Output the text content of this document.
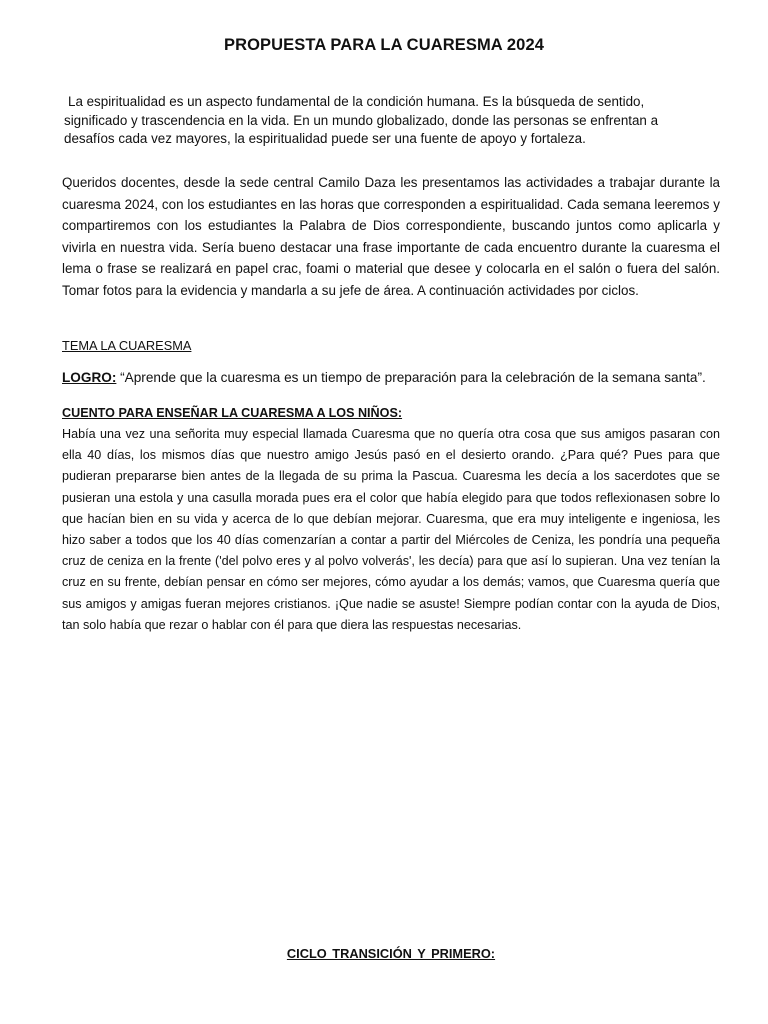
PROPUESTA PARA LA CUARESMA 2024
La espiritualidad es un aspecto fundamental de la condición humana. Es la búsqueda de sentido, significado y trascendencia en la vida. En un mundo globalizado, donde las personas se enfrentan a desafíos cada vez mayores, la espiritualidad puede ser una fuente de apoyo y fortaleza.
Queridos docentes, desde la sede central Camilo Daza les presentamos las actividades a trabajar durante la cuaresma 2024, con los estudiantes en las horas que corresponden a espiritualidad. Cada semana leeremos y compartiremos con los estudiantes la Palabra de Dios correspondiente, buscando juntos como aplicarla y vivirla en nuestra vida. Sería bueno destacar una frase importante de cada encuentro durante la cuaresma el lema o frase se realizará en papel crac, foami o material que desee y colocarla en el salón o fuera del salón. Tomar fotos para la evidencia y mandarla a su jefe de área. A continuación actividades por ciclos.
TEMA LA CUARESMA
LOGRO: “Aprende que la cuaresma es un tiempo de preparación para la celebración de la semana santa”.
CUENTO PARA ENSEÑAR LA CUARESMA A LOS NIÑOS:
Había una vez una señorita muy especial llamada Cuaresma que no quería otra cosa que sus amigos pasaran con ella 40 días, los mismos días que nuestro amigo Jesús pasó en el desierto orando. ¿Para qué? Pues para que pudieran prepararse bien antes de la llegada de su prima la Pascua. Cuaresma les decía a los sacerdotes que se pusieran una estola y una casulla morada pues era el color que había elegido para que todos reflexionasen sobre lo que hacían bien en su vida y acerca de lo que debían mejorar. Cuaresma, que era muy inteligente e ingeniosa, les hizo saber a todos que los 40 días comenzarían a contar a partir del Miércoles de Ceniza, les pondría una pequeña cruz de ceniza en la frente ('del polvo eres y al polvo volverás', les decía) para que así lo supieran. Una vez tenían la cruz en su frente, debían pensar en cómo ser mejores, cómo ayudar a los demás; vamos, que Cuaresma quería que sus amigos y amigas fueran mejores cristianos. ¡Que nadie se asuste! Siempre podían contar con la ayuda de Dios, tan solo había que rezar o hablar con él para que diera las respuestas necesarias.
CICLO TRANSICIÓN Y PRIMERO:
